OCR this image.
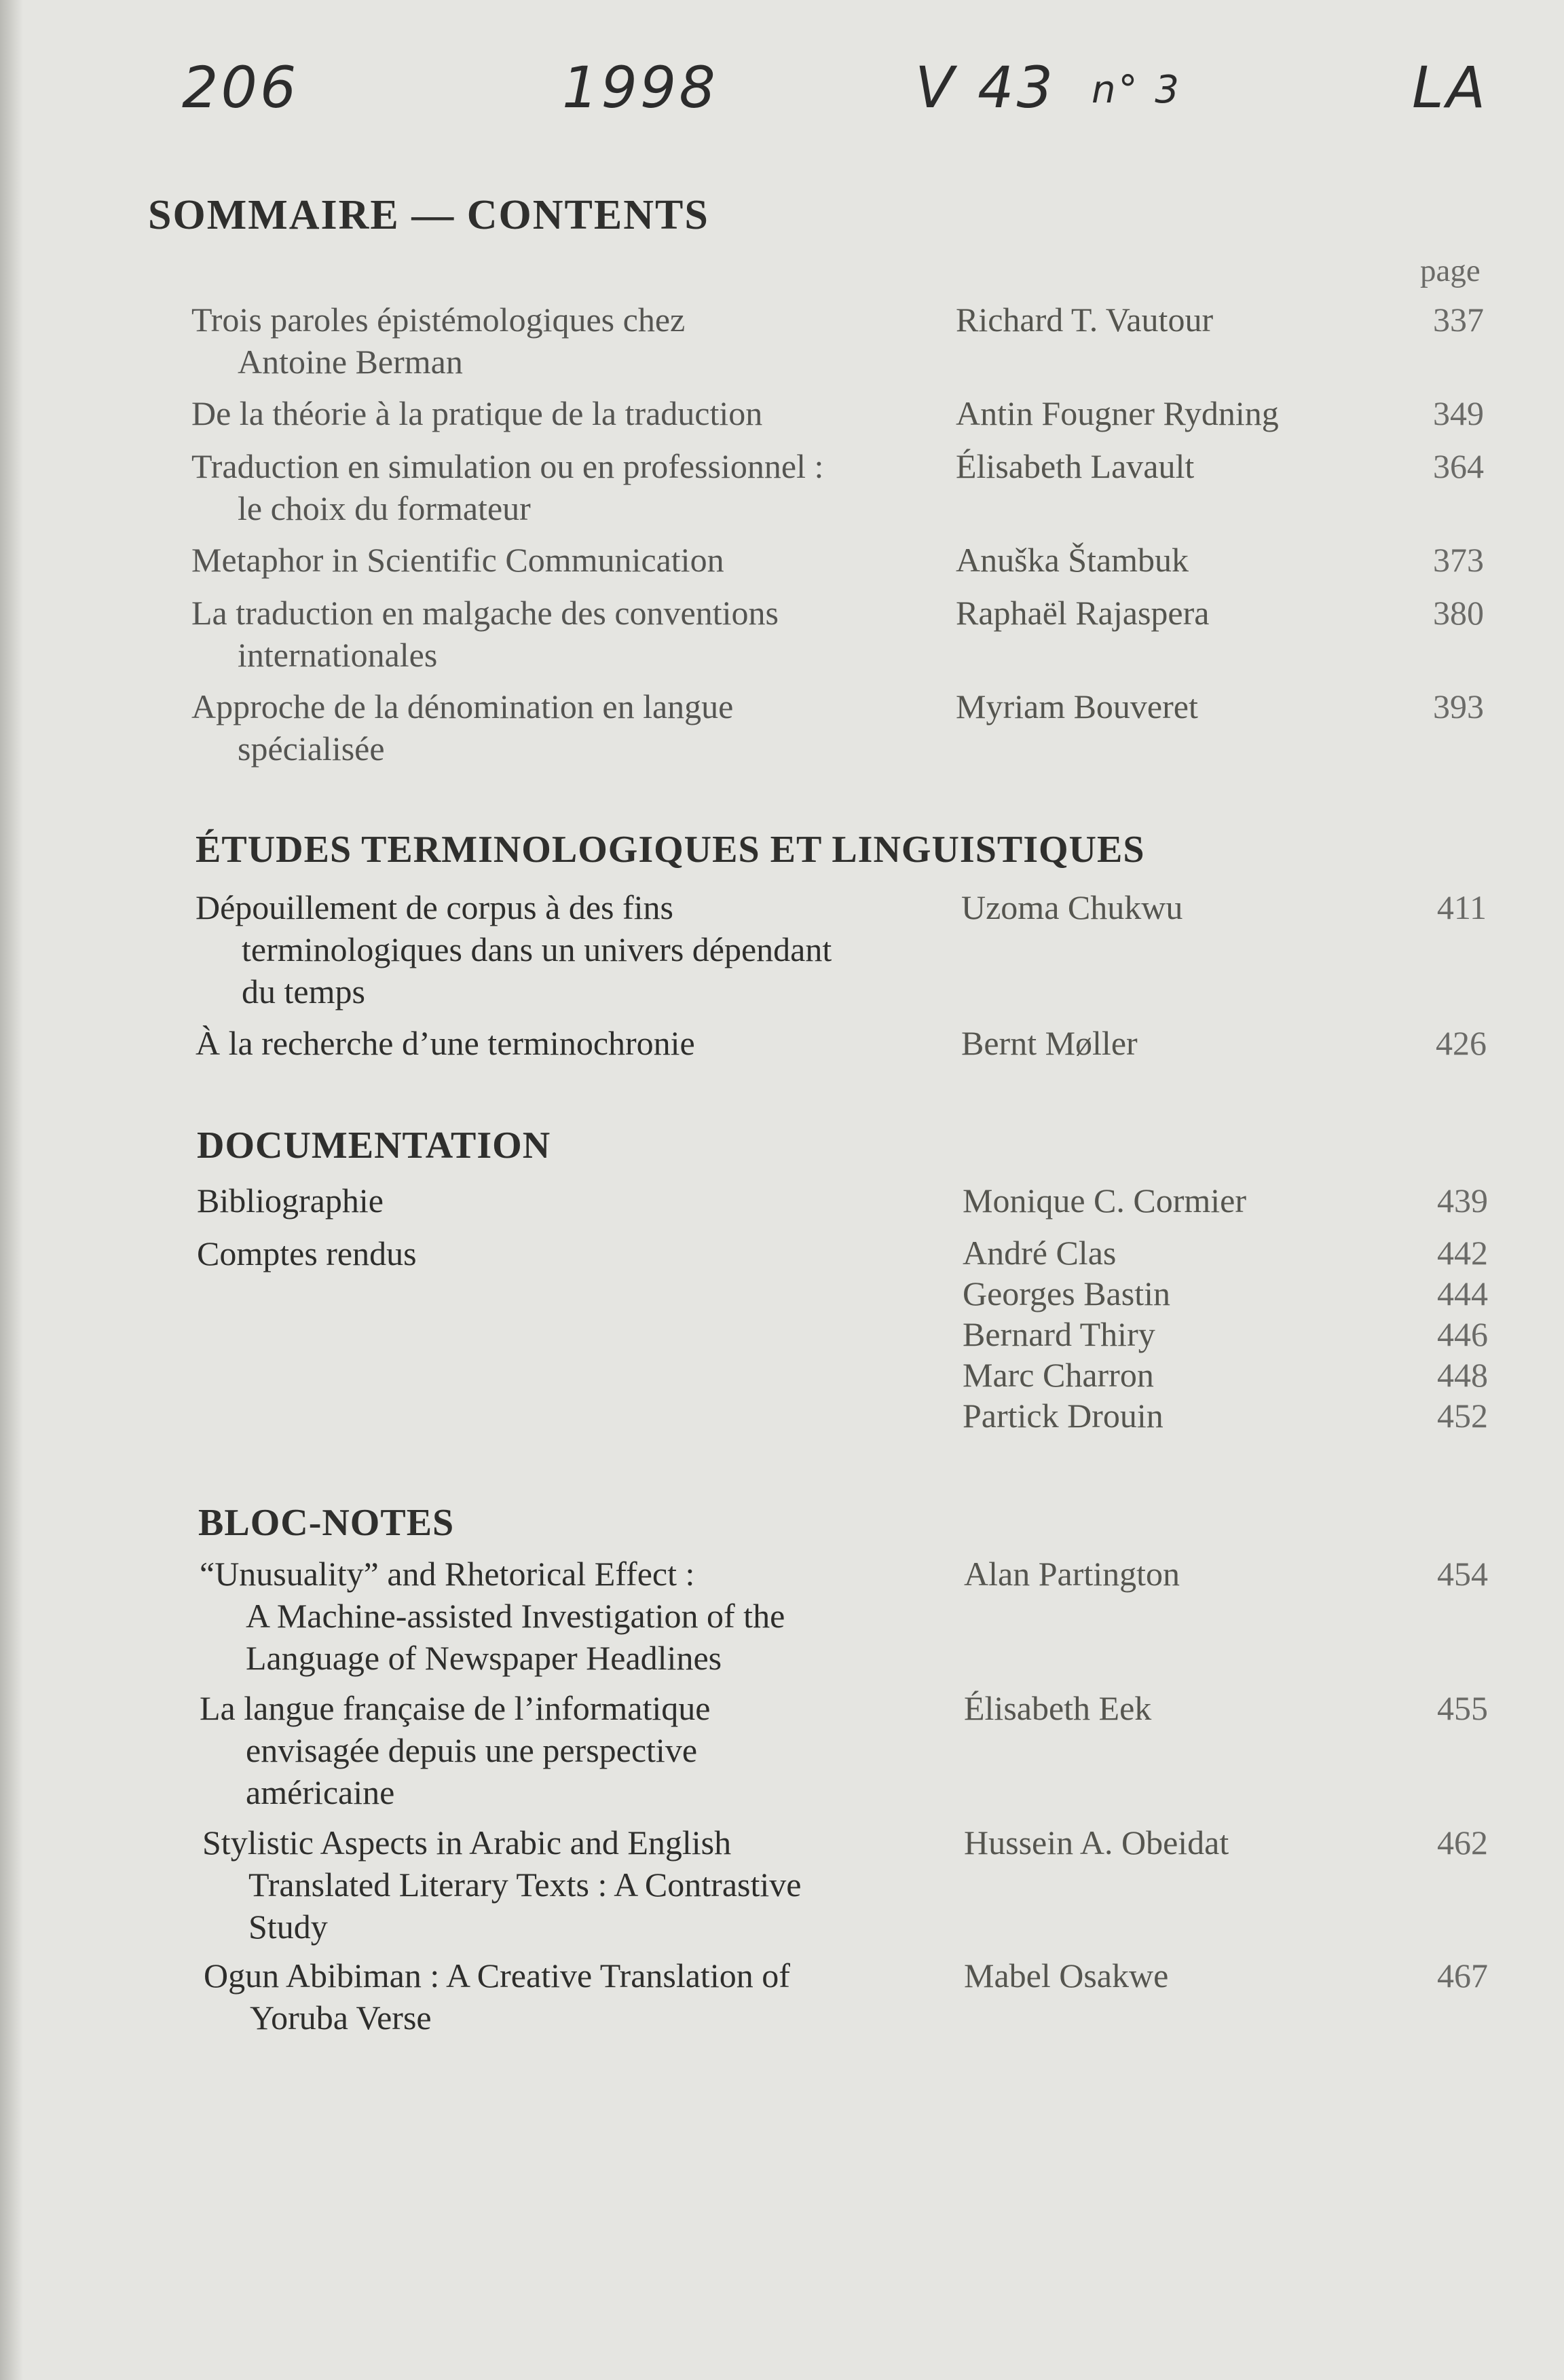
206	1998	V 43 n° 3	LA
SOMMAIRE — CONTENTS
page
Trois paroles épistémologiques chez
Antoine Berman
Richard T. Vautour	337
De la théorie à la pratique de la traduction	Antin Fougner Rydning	349
Traduction en simulation ou en professionnel :
le choix du formateur
Élisabeth Lavault	364
Metaphor in Scientific Communication	Anuška Štambuk	373
La traduction en malgache des conventions
internationales
Raphaël Rajaspera	380
Approche de la dénomination en langue
spécialisée
Myriam Bouveret	393
ÉTUDES TERMINOLOGIQUES ET LINGUISTIQUES
Dépouillement de corpus à des fins
terminologiques dans un univers dépendant
du temps
Uzoma Chukwu	411
À la recherche d’une terminochronie	Bernt Møller	426
DOCUMENTATION
Bibliographie	Monique C. Cormier	439
Comptes rendus	André Clas	442
Georges Bastin	444
Bernard Thiry	446
Marc Charron	448
Partick Drouin	452
BLOC-NOTES
“Unusuality” and Rhetorical Effect :
A Machine-assisted Investigation of the
Language of Newspaper Headlines
Alan Partington	454
La langue française de l’informatique
envisagée depuis une perspective
américaine
Élisabeth Eek	455
Stylistic Aspects in Arabic and English
Translated Literary Texts : A Contrastive
Study
Hussein A. Obeidat	462
Ogun Abibiman : A Creative Translation of
Yoruba Verse
Mabel Osakwe	467
